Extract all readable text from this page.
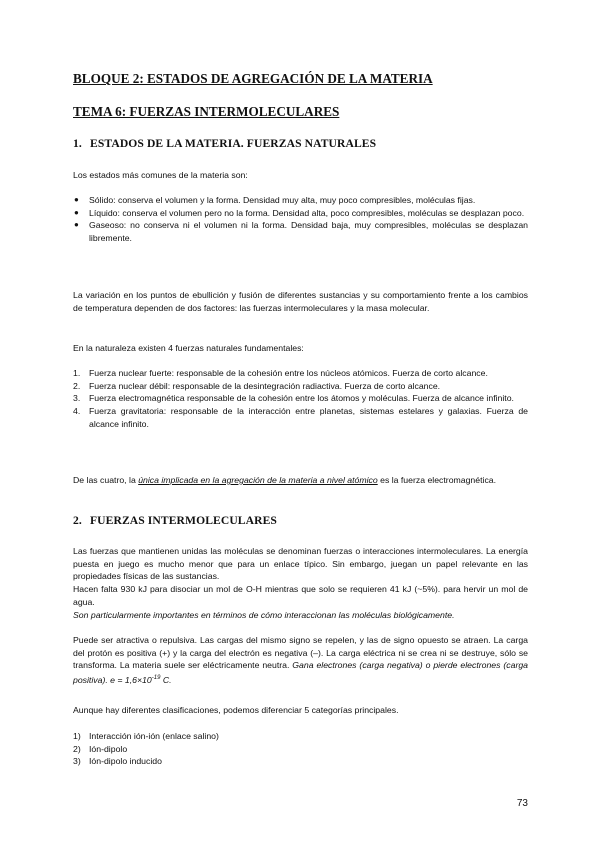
BLOQUE 2: ESTADOS DE AGREGACIÓN DE LA MATERIA
TEMA 6: FUERZAS INTERMOLECULARES
1. ESTADOS DE LA MATERIA. FUERZAS NATURALES
Los estados más comunes de la materia son:
● Sólido: conserva el volumen y la forma. Densidad muy alta, muy poco compresibles, moléculas fijas.
● Líquido: conserva el volumen pero no la forma. Densidad alta, poco compresibles, moléculas se desplazan poco.
● Gaseoso: no conserva ni el volumen ni la forma. Densidad baja, muy compresibles, moléculas se desplazan libremente.
La variación en los puntos de ebullición y fusión de diferentes sustancias y su comportamiento frente a los cambios de temperatura dependen de dos factores: las fuerzas intermoleculares y la masa molecular.
En la naturaleza existen 4 fuerzas naturales fundamentales:
1. Fuerza nuclear fuerte: responsable de la cohesión entre los núcleos atómicos. Fuerza de corto alcance.
2. Fuerza nuclear débil: responsable de la desintegración radiactiva. Fuerza de corto alcance.
3. Fuerza electromagnética responsable de la cohesión entre los átomos y moléculas. Fuerza de alcance infinito.
4. Fuerza gravitatoria: responsable de la interacción entre planetas, sistemas estelares y galaxias. Fuerza de alcance infinito.
De las cuatro, la única implicada en la agregación de la materia a nivel atómico es la fuerza electromagnética.
2. FUERZAS INTERMOLECULARES
Las fuerzas que mantienen unidas las moléculas se denominan fuerzas o interacciones intermoleculares. La energía puesta en juego es mucho menor que para un enlace típico. Sin embargo, juegan un papel relevante en las propiedades físicas de las sustancias.
Hacen falta 930 kJ para disociar un mol de O-H mientras que solo se requieren 41 kJ (~5%). para hervir un mol de agua.
Son particularmente importantes en términos de cómo interaccionan las moléculas biológicamente.
Puede ser atractiva o repulsiva. Las cargas del mismo signo se repelen, y las de signo opuesto se atraen. La carga del protón es positiva (+) y la carga del electrón es negativa (–). La carga eléctrica ni se crea ni se destruye, sólo se transforma. La materia suele ser eléctricamente neutra. Gana electrones (carga negativa) o pierde electrones (carga positiva). $e = 1,6\times 10^{-19}$ C.
Aunque hay diferentes clasificaciones, podemos diferenciar 5 categorías principales.
1) Interacción ión-ión (enlace salino)
2) Ión-dipolo
3) Ión-dipolo inducido
73
